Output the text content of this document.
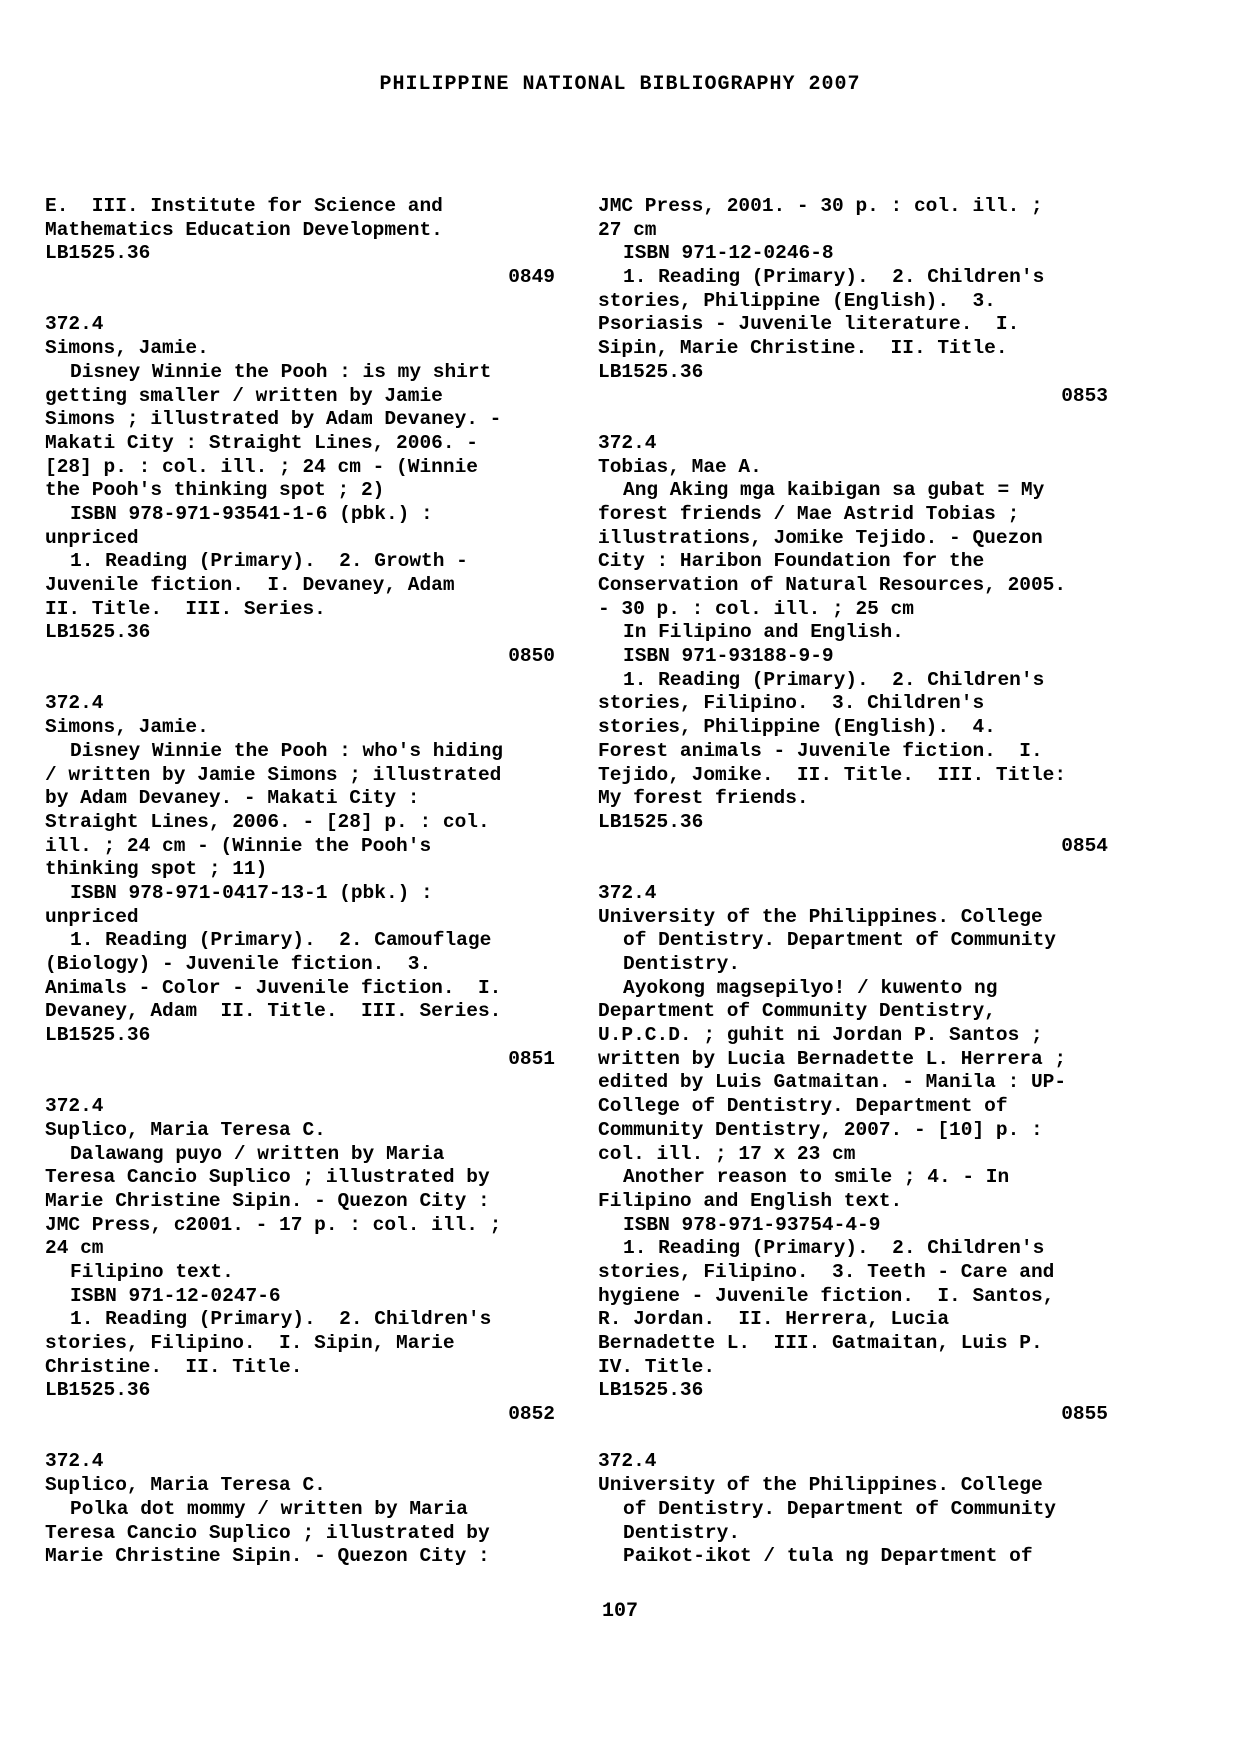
PHILIPPINE NATIONAL BIBLIOGRAPHY 2007
E.  III. Institute for Science and
Mathematics Education Development.
LB1525.36
0849
372.4
Simons, Jamie.
Disney Winnie the Pooh : is my shirt
getting smaller / written by Jamie
Simons ; illustrated by Adam Devaney. -
Makati City : Straight Lines, 2006. -
[28] p. : col. ill. ; 24 cm - (Winnie
the Pooh's thinking spot ; 2)
ISBN 978-971-93541-1-6 (pbk.) :
unpriced
1. Reading (Primary).  2. Growth -
Juvenile fiction.  I. Devaney, Adam
II. Title.  III. Series.
LB1525.36
0850
372.4
Simons, Jamie.
Disney Winnie the Pooh : who's hiding
/ written by Jamie Simons ; illustrated
by Adam Devaney. - Makati City :
Straight Lines, 2006. - [28] p. : col.
ill. ; 24 cm - (Winnie the Pooh's
thinking spot ; 11)
ISBN 978-971-0417-13-1 (pbk.) :
unpriced
1. Reading (Primary).  2. Camouflage
(Biology) - Juvenile fiction.  3.
Animals - Color - Juvenile fiction.  I.
Devaney, Adam  II. Title.  III. Series.
LB1525.36
0851
372.4
Suplico, Maria Teresa C.
Dalawang puyo / written by Maria
Teresa Cancio Suplico ; illustrated by
Marie Christine Sipin. - Quezon City :
JMC Press, c2001. - 17 p. : col. ill. ;
24 cm
Filipino text.
ISBN 971-12-0247-6
1. Reading (Primary).  2. Children's
stories, Filipino.  I. Sipin, Marie
Christine.  II. Title.
LB1525.36
0852
372.4
Suplico, Maria Teresa C.
Polka dot mommy / written by Maria
Teresa Cancio Suplico ; illustrated by
Marie Christine Sipin. - Quezon City :
JMC Press, 2001. - 30 p. : col. ill. ;
27 cm
ISBN 971-12-0246-8
1. Reading (Primary).  2. Children's
stories, Philippine (English).  3.
Psoriasis - Juvenile literature.  I.
Sipin, Marie Christine.  II. Title.
LB1525.36
0853
372.4
Tobias, Mae A.
Ang Aking mga kaibigan sa gubat = My
forest friends / Mae Astrid Tobias ;
illustrations, Jomike Tejido. - Quezon
City : Haribon Foundation for the
Conservation of Natural Resources, 2005.
- 30 p. : col. ill. ; 25 cm
In Filipino and English.
ISBN 971-93188-9-9
1. Reading (Primary).  2. Children's
stories, Filipino.  3. Children's
stories, Philippine (English).  4.
Forest animals - Juvenile fiction.  I.
Tejido, Jomike.  II. Title.  III. Title:
My forest friends.
LB1525.36
0854
372.4
University of the Philippines. College
of Dentistry. Department of Community
Dentistry.
Ayokong magsepilyo! / kuwento ng
Department of Community Dentistry,
U.P.C.D. ; guhit ni Jordan P. Santos ;
written by Lucia Bernadette L. Herrera ;
edited by Luis Gatmaitan. - Manila : UP-
College of Dentistry. Department of
Community Dentistry, 2007. - [10] p. :
col. ill. ; 17 x 23 cm
Another reason to smile ; 4. - In
Filipino and English text.
ISBN 978-971-93754-4-9
1. Reading (Primary).  2. Children's
stories, Filipino.  3. Teeth - Care and
hygiene - Juvenile fiction.  I. Santos,
R. Jordan.  II. Herrera, Lucia
Bernadette L.  III. Gatmaitan, Luis P.
IV. Title.
LB1525.36
0855
372.4
University of the Philippines. College
of Dentistry. Department of Community
Dentistry.
Paikot-ikot / tula ng Department of
107
